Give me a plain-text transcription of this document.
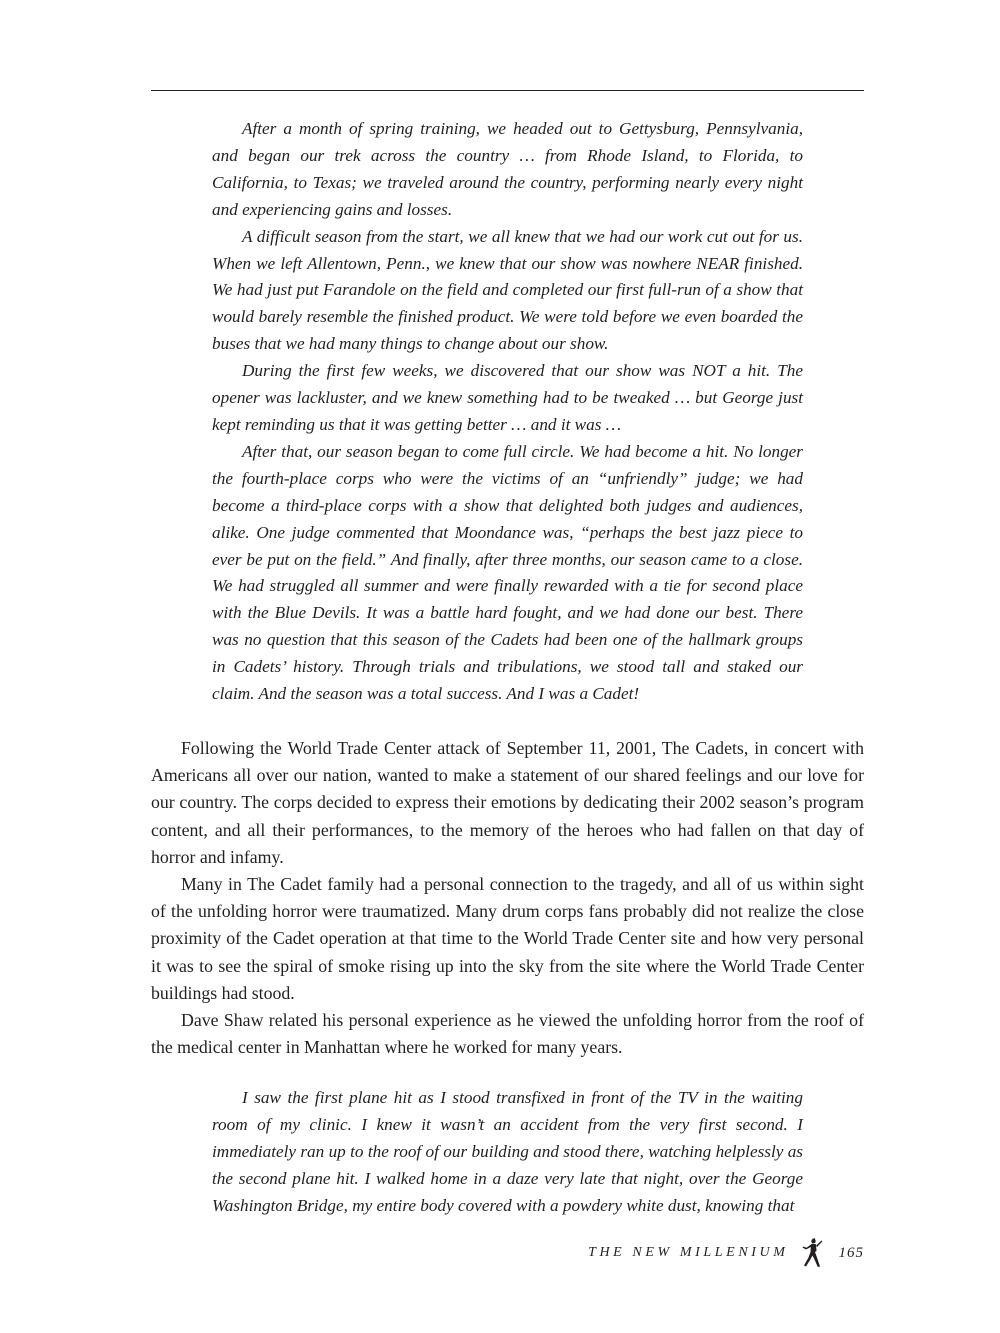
After a month of spring training, we headed out to Gettysburg, Pennsylvania, and began our trek across the country … from Rhode Island, to Florida, to California, to Texas; we traveled around the country, performing nearly every night and experiencing gains and losses.

A difficult season from the start, we all knew that we had our work cut out for us. When we left Allentown, Penn., we knew that our show was nowhere NEAR finished. We had just put Farandole on the field and completed our first full-run of a show that would barely resemble the finished product. We were told before we even boarded the buses that we had many things to change about our show.

During the first few weeks, we discovered that our show was NOT a hit. The opener was lackluster, and we knew something had to be tweaked … but George just kept reminding us that it was getting better … and it was …

After that, our season began to come full circle. We had become a hit. No longer the fourth-place corps who were the victims of an “unfriendly” judge; we had become a third-place corps with a show that delighted both judges and audiences, alike. One judge commented that Moondance was, “perhaps the best jazz piece to ever be put on the field.” And finally, after three months, our season came to a close. We had struggled all summer and were finally rewarded with a tie for second place with the Blue Devils. It was a battle hard fought, and we had done our best. There was no question that this season of the Cadets had been one of the hallmark groups in Cadets’ history. Through trials and tribulations, we stood tall and staked our claim. And the season was a total success. And I was a Cadet!

Following the World Trade Center attack of September 11, 2001, The Cadets, in concert with Americans all over our nation, wanted to make a statement of our shared feelings and our love for our country. The corps decided to express their emotions by dedicating their 2002 season’s program content, and all their performances, to the memory of the heroes who had fallen on that day of horror and infamy.

Many in The Cadet family had a personal connection to the tragedy, and all of us within sight of the unfolding horror were traumatized. Many drum corps fans probably did not realize the close proximity of the Cadet operation at that time to the World Trade Center site and how very personal it was to see the spiral of smoke rising up into the sky from the site where the World Trade Center buildings had stood.

Dave Shaw related his personal experience as he viewed the unfolding horror from the roof of the medical center in Manhattan where he worked for many years.

I saw the first plane hit as I stood transfixed in front of the TV in the waiting room of my clinic. I knew it wasn’t an accident from the very first second. I immediately ran up to the roof of our building and stood there, watching helplessly as the second plane hit. I walked home in a daze very late that night, over the George Washington Bridge, my entire body covered with a powdery white dust, knowing that

THE NEW MILLENIUM	165
